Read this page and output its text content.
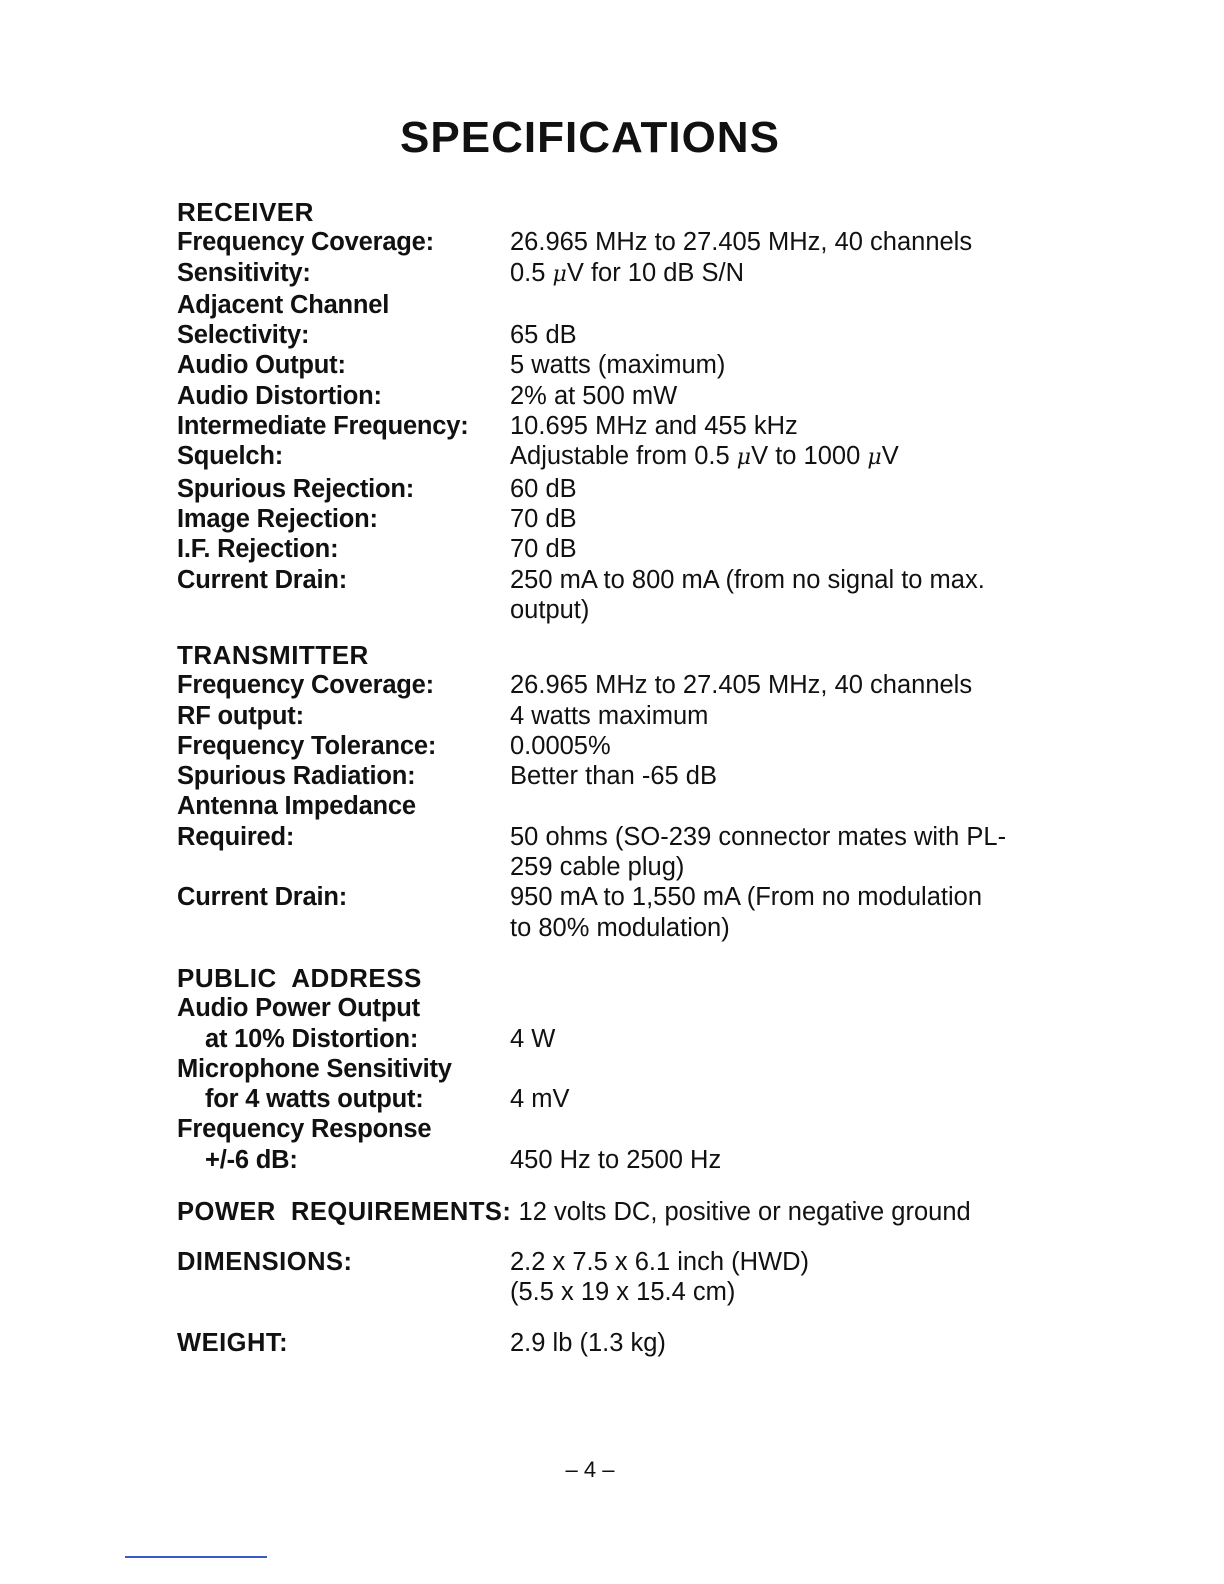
SPECIFICATIONS
RECEIVER
Frequency Coverage:	26.965 MHz to 27.405 MHz, 40 channels
Sensitivity:	0.5 μV for 10 dB S/N
Adjacent Channel
Selectivity:	65 dB
Audio Output:	5 watts (maximum)
Audio Distortion:	2% at 500 mW
Intermediate Frequency:	10.695 MHz and 455 kHz
Squelch:	Adjustable from 0.5 μV to 1000 μV
Spurious Rejection:	60 dB
Image Rejection:	70 dB
I.F. Rejection:	70 dB
Current Drain:	250 mA to 800 mA (from no signal to max.
output)
TRANSMITTER
Frequency Coverage:	26.965 MHz to 27.405 MHz, 40 channels
RF output:	4 watts maximum
Frequency Tolerance:	0.0005%
Spurious Radiation:	Better than -65 dB
Antenna Impedance
Required:	50 ohms (SO-239 connector mates with PL-
259 cable plug)
Current Drain:	950 mA to 1,550 mA (From no modulation
to 80% modulation)
PUBLIC  ADDRESS
Audio Power Output
at 10% Distortion:	4 W
Microphone Sensitivity
for 4 watts output:	4 mV
Frequency Response
+/-6 dB:	450 Hz to 2500 Hz
POWER  REQUIREMENTS: 12 volts DC, positive or negative ground
DIMENSIONS:	2.2 x 7.5 x 6.1 inch (HWD)
(5.5 x 19 x 15.4 cm)
WEIGHT:	2.9 lb (1.3 kg)
– 4 –
